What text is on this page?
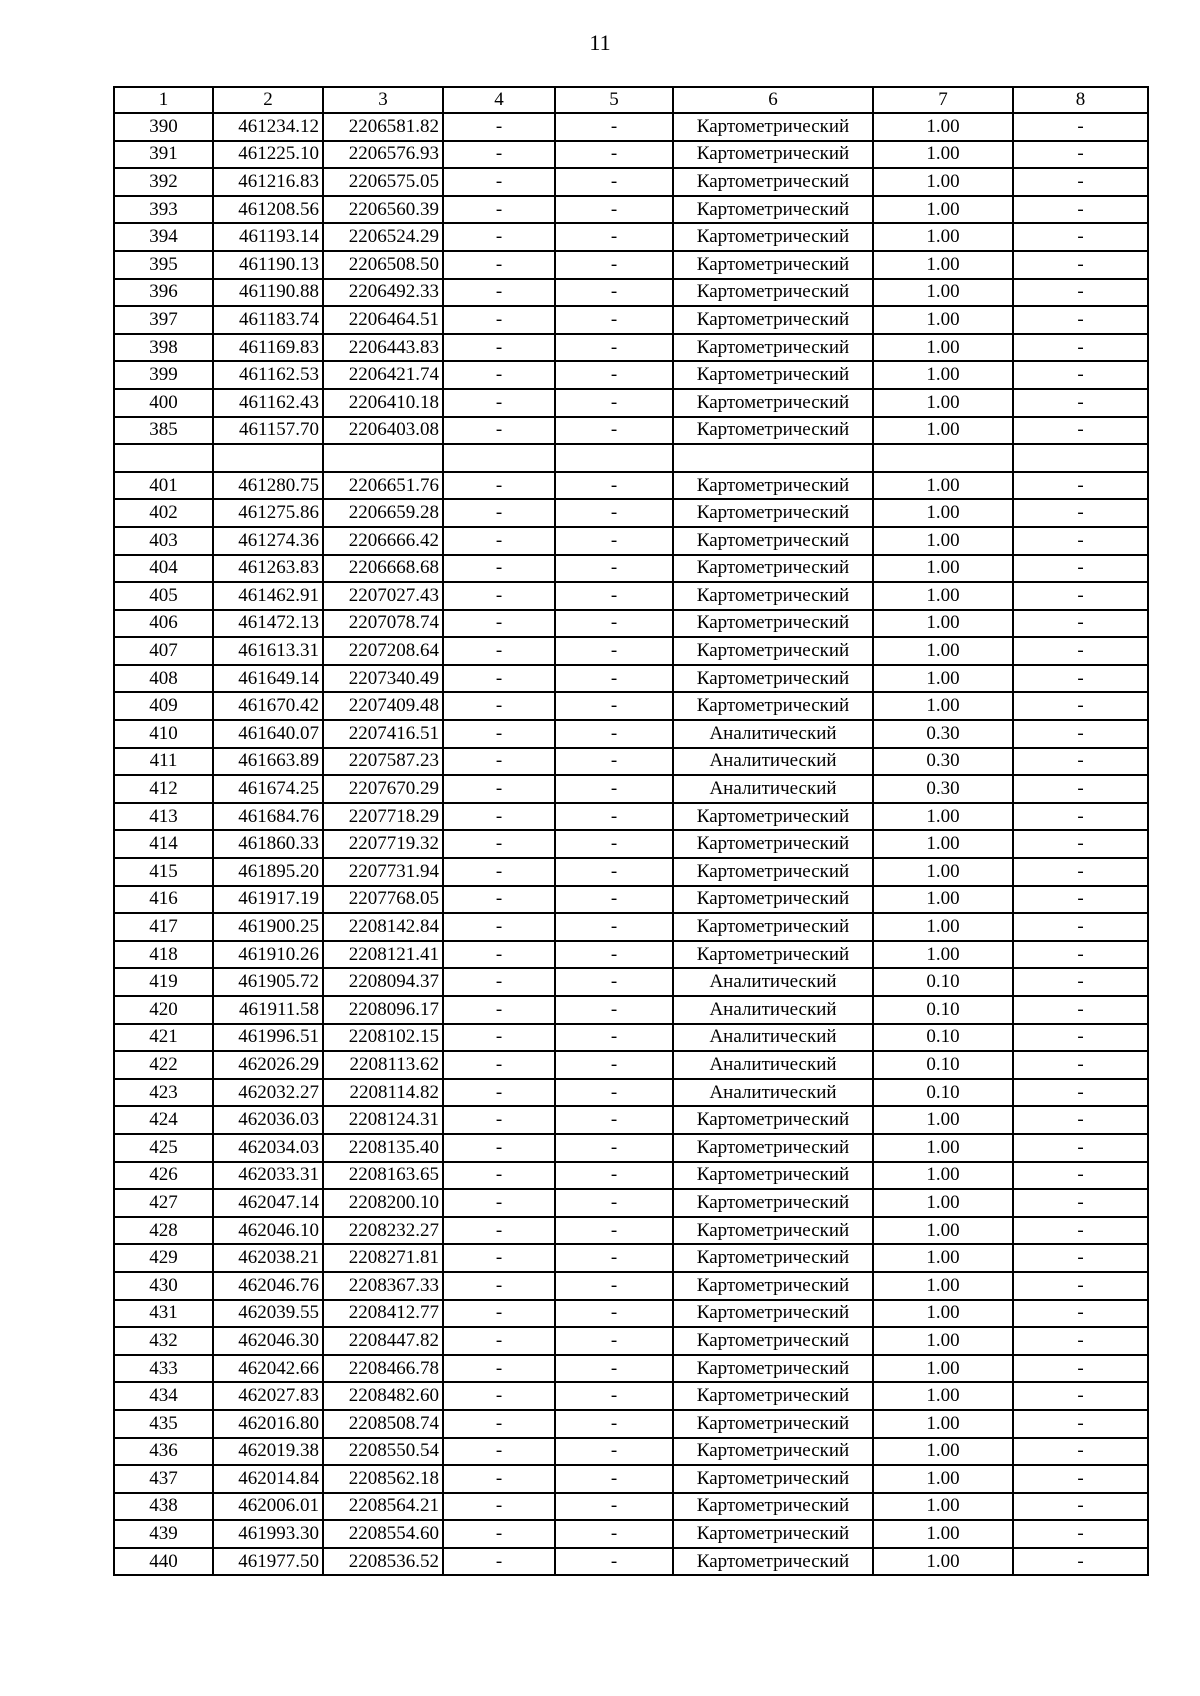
11
1	2	3	4	5	6	7	8
390	461234.12	2206581.82	-	-	Картометрический	1.00	-
391	461225.10	2206576.93	-	-	Картометрический	1.00	-
392	461216.83	2206575.05	-	-	Картометрический	1.00	-
393	461208.56	2206560.39	-	-	Картометрический	1.00	-
394	461193.14	2206524.29	-	-	Картометрический	1.00	-
395	461190.13	2206508.50	-	-	Картометрический	1.00	-
396	461190.88	2206492.33	-	-	Картометрический	1.00	-
397	461183.74	2206464.51	-	-	Картометрический	1.00	-
398	461169.83	2206443.83	-	-	Картометрический	1.00	-
399	461162.53	2206421.74	-	-	Картометрический	1.00	-
400	461162.43	2206410.18	-	-	Картометрический	1.00	-
385	461157.70	2206403.08	-	-	Картометрический	1.00	-

401	461280.75	2206651.76	-	-	Картометрический	1.00	-
402	461275.86	2206659.28	-	-	Картометрический	1.00	-
403	461274.36	2206666.42	-	-	Картометрический	1.00	-
404	461263.83	2206668.68	-	-	Картометрический	1.00	-
405	461462.91	2207027.43	-	-	Картометрический	1.00	-
406	461472.13	2207078.74	-	-	Картометрический	1.00	-
407	461613.31	2207208.64	-	-	Картометрический	1.00	-
408	461649.14	2207340.49	-	-	Картометрический	1.00	-
409	461670.42	2207409.48	-	-	Картометрический	1.00	-
410	461640.07	2207416.51	-	-	Аналитический	0.30	-
411	461663.89	2207587.23	-	-	Аналитический	0.30	-
412	461674.25	2207670.29	-	-	Аналитический	0.30	-
413	461684.76	2207718.29	-	-	Картометрический	1.00	-
414	461860.33	2207719.32	-	-	Картометрический	1.00	-
415	461895.20	2207731.94	-	-	Картометрический	1.00	-
416	461917.19	2207768.05	-	-	Картометрический	1.00	-
417	461900.25	2208142.84	-	-	Картометрический	1.00	-
418	461910.26	2208121.41	-	-	Картометрический	1.00	-
419	461905.72	2208094.37	-	-	Аналитический	0.10	-
420	461911.58	2208096.17	-	-	Аналитический	0.10	-
421	461996.51	2208102.15	-	-	Аналитический	0.10	-
422	462026.29	2208113.62	-	-	Аналитический	0.10	-
423	462032.27	2208114.82	-	-	Аналитический	0.10	-
424	462036.03	2208124.31	-	-	Картометрический	1.00	-
425	462034.03	2208135.40	-	-	Картометрический	1.00	-
426	462033.31	2208163.65	-	-	Картометрический	1.00	-
427	462047.14	2208200.10	-	-	Картометрический	1.00	-
428	462046.10	2208232.27	-	-	Картометрический	1.00	-
429	462038.21	2208271.81	-	-	Картометрический	1.00	-
430	462046.76	2208367.33	-	-	Картометрический	1.00	-
431	462039.55	2208412.77	-	-	Картометрический	1.00	-
432	462046.30	2208447.82	-	-	Картометрический	1.00	-
433	462042.66	2208466.78	-	-	Картометрический	1.00	-
434	462027.83	2208482.60	-	-	Картометрический	1.00	-
435	462016.80	2208508.74	-	-	Картометрический	1.00	-
436	462019.38	2208550.54	-	-	Картометрический	1.00	-
437	462014.84	2208562.18	-	-	Картометрический	1.00	-
438	462006.01	2208564.21	-	-	Картометрический	1.00	-
439	461993.30	2208554.60	-	-	Картометрический	1.00	-
440	461977.50	2208536.52	-	-	Картометрический	1.00	-
